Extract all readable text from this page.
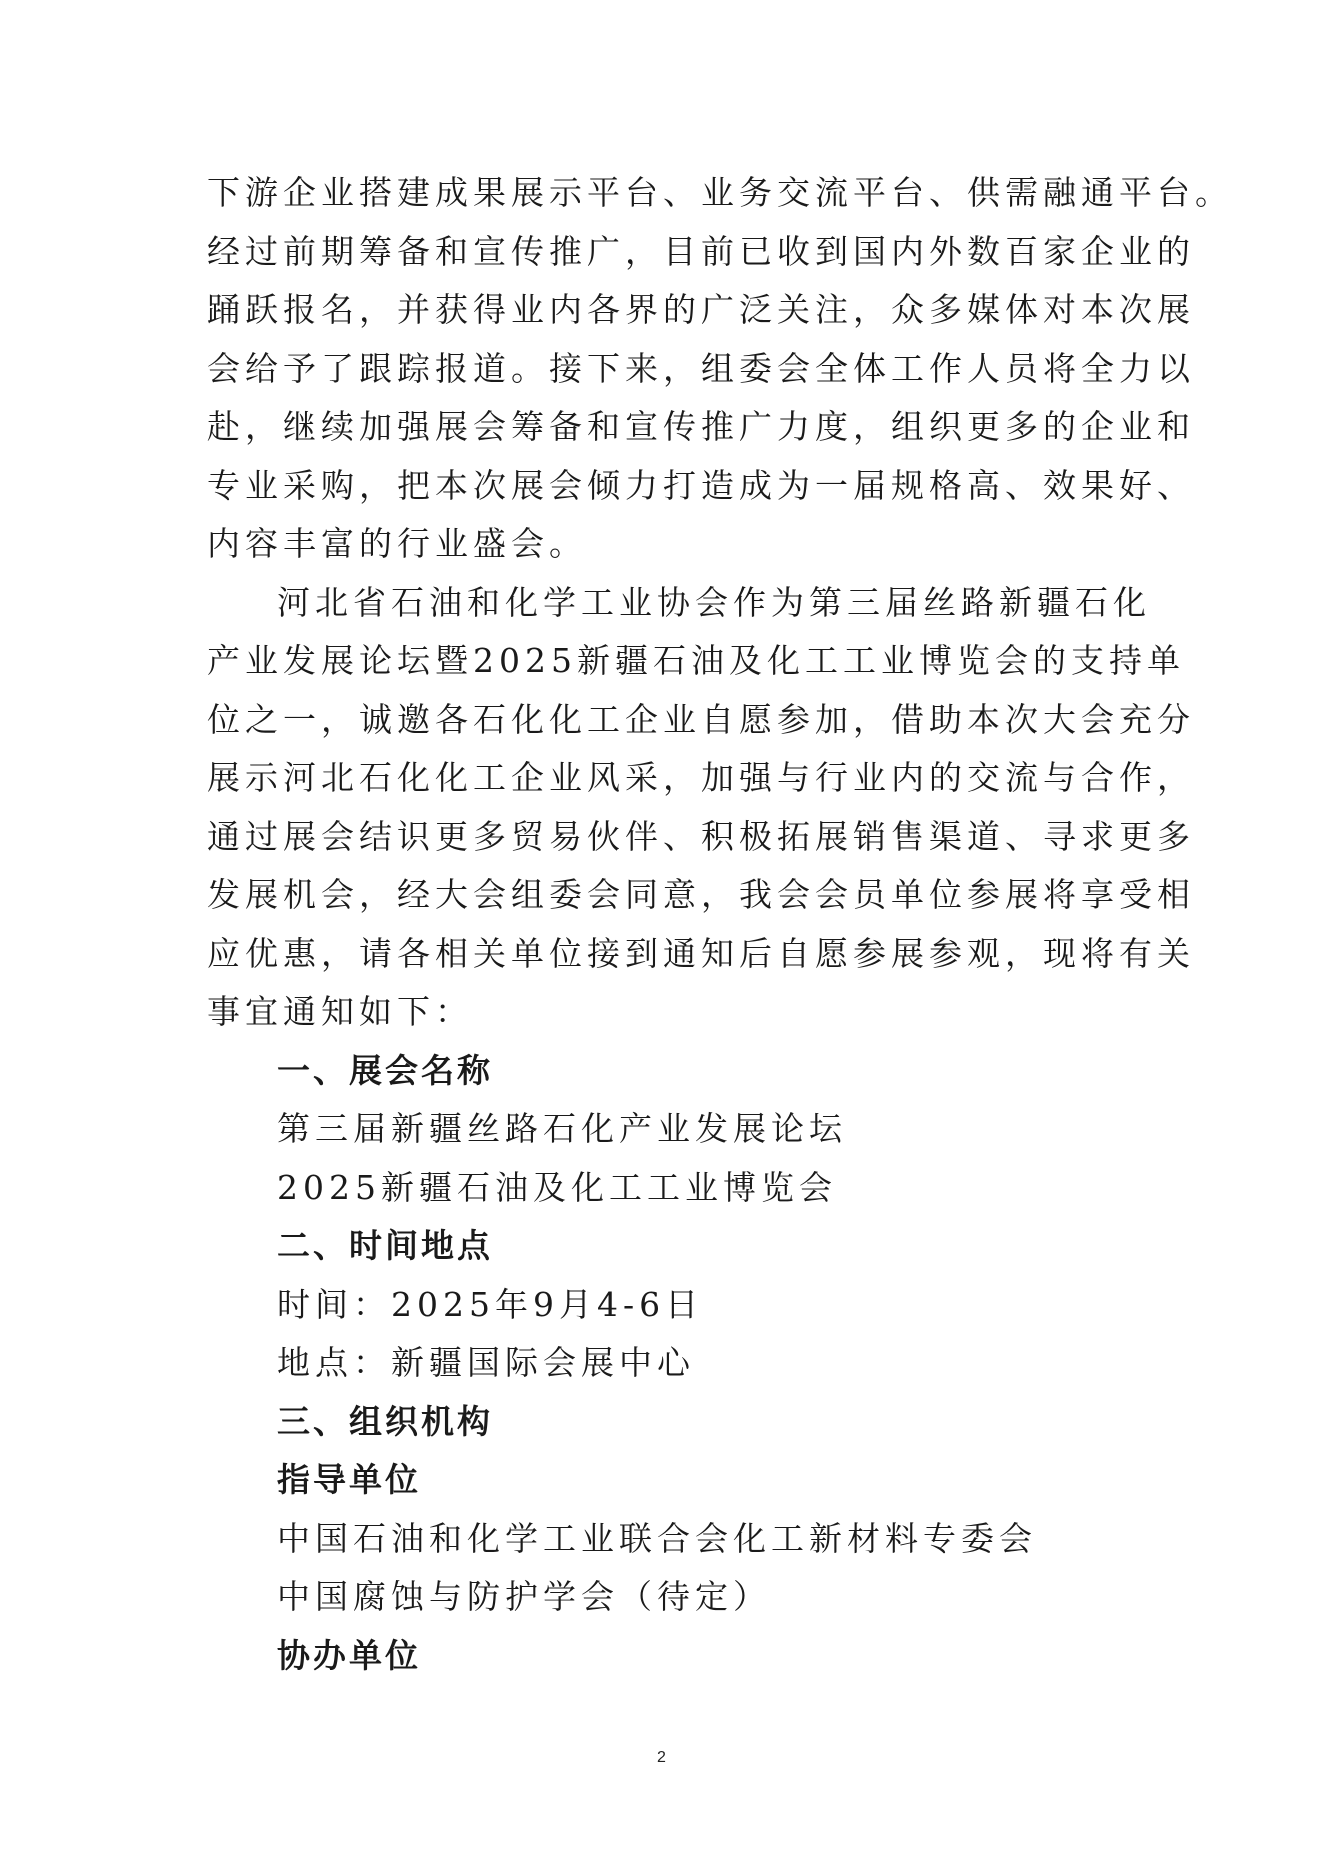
下游企业搭建成果展示平台、业务交流平台、供需融通平台。
经过前期筹备和宣传推广，目前已收到国内外数百家企业的
踊跃报名，并获得业内各界的广泛关注，众多媒体对本次展
会给予了跟踪报道。接下来，组委会全体工作人员将全力以
赴，继续加强展会筹备和宣传推广力度，组织更多的企业和
专业采购，把本次展会倾力打造成为一届规格高、效果好、
内容丰富的行业盛会。
河北省石油和化学工业协会作为第三届丝路新疆石化
产业发展论坛暨2025新疆石油及化工工业博览会的支持单
位之一，诚邀各石化化工企业自愿参加，借助本次大会充分
展示河北石化化工企业风采，加强与行业内的交流与合作，
通过展会结识更多贸易伙伴、积极拓展销售渠道、寻求更多
发展机会，经大会组委会同意，我会会员单位参展将享受相
应优惠，请各相关单位接到通知后自愿参展参观，现将有关
事宜通知如下：
一、展会名称
第三届新疆丝路石化产业发展论坛
2025新疆石油及化工工业博览会
二、时间地点
时间：2025年9月4-6日
地点：新疆国际会展中心
三、组织机构
指导单位
中国石油和化学工业联合会化工新材料专委会
中国腐蚀与防护学会（待定）
协办单位
2
